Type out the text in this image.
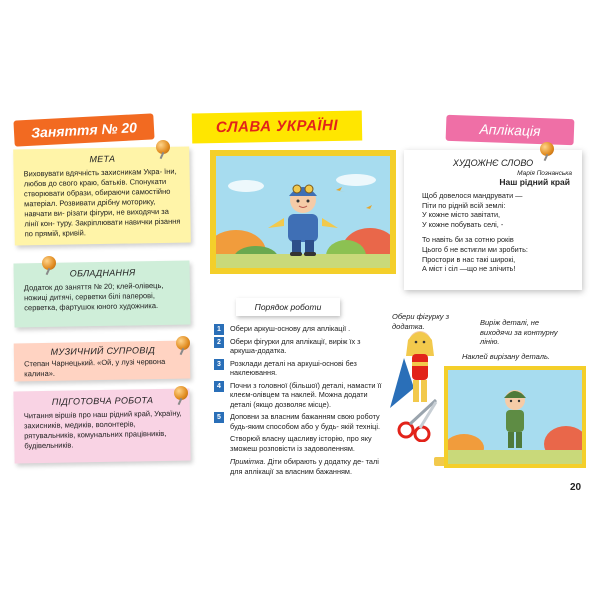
Заняття № 20	СЛАВА УКРАЇНІ	Аплікація
МЕТА

Виховувати вдячність захисникам Укра- їни, любов до свого краю, батьків. Спонукати створювати образи, обираючи самостійно матеріал. Розвивати дрібну моторику, навчати ви- різати фігури, не виходячи за лінії кон- туру. Закріплювати навички різання по прямій, кривій.

ОБЛАДНАННЯ

Додаток до заняття № 20; клей-олівець, ножиці дитячі, серветки білі паперові, серветка, фартушок юного художника.

МУЗИЧНИЙ СУПРОВІД

Степан Чарнецький. «Ой, у лузі червона калина».

ПІДГОТОВЧА РОБОТА

Читання віршів про наш рідний край, Україну, захисників, медиків, волонтерів, рятувальників, комунальних працівників, будівельників.

ХУДОЖНЄ СЛОВО
Марія Познанська
Наш рідний край
Щоб довелося мандрувати —
Піти по рідній всій землі:
У кожне місто завітати,
У кожне побувать селі, -
То навіть би за сотню років
Цього б не встигли ми зробить:
Простори в нас такі широкі,
А міст і сіл —що не злічить!
Порядок роботи
1	Обери аркуш-основу для аплікації .
2	Обери фігурки для аплікації, виріж їх з аркуша-додатка.
3	Розклади деталі на аркуші-основі без наклеювання.
4	Почни з головної (більшої) деталі, намасти її клеєм-олівцем та наклей. Можна додати деталі (якщо дозволяє місце).
5	Доповни за власним бажанням свою роботу будь-яким способом або у будь- якій техніці.
Створюй власну щасливу історію, про яку зможеш розповісти із задоволенням.
Примітка. Діти обирають у додатку де- талі для аплікації за власним бажанням.
Обери фігурку з додатка.	Виріж деталі, не виходячи за контурну лінію.
Наклей вирізану деталь.
20
